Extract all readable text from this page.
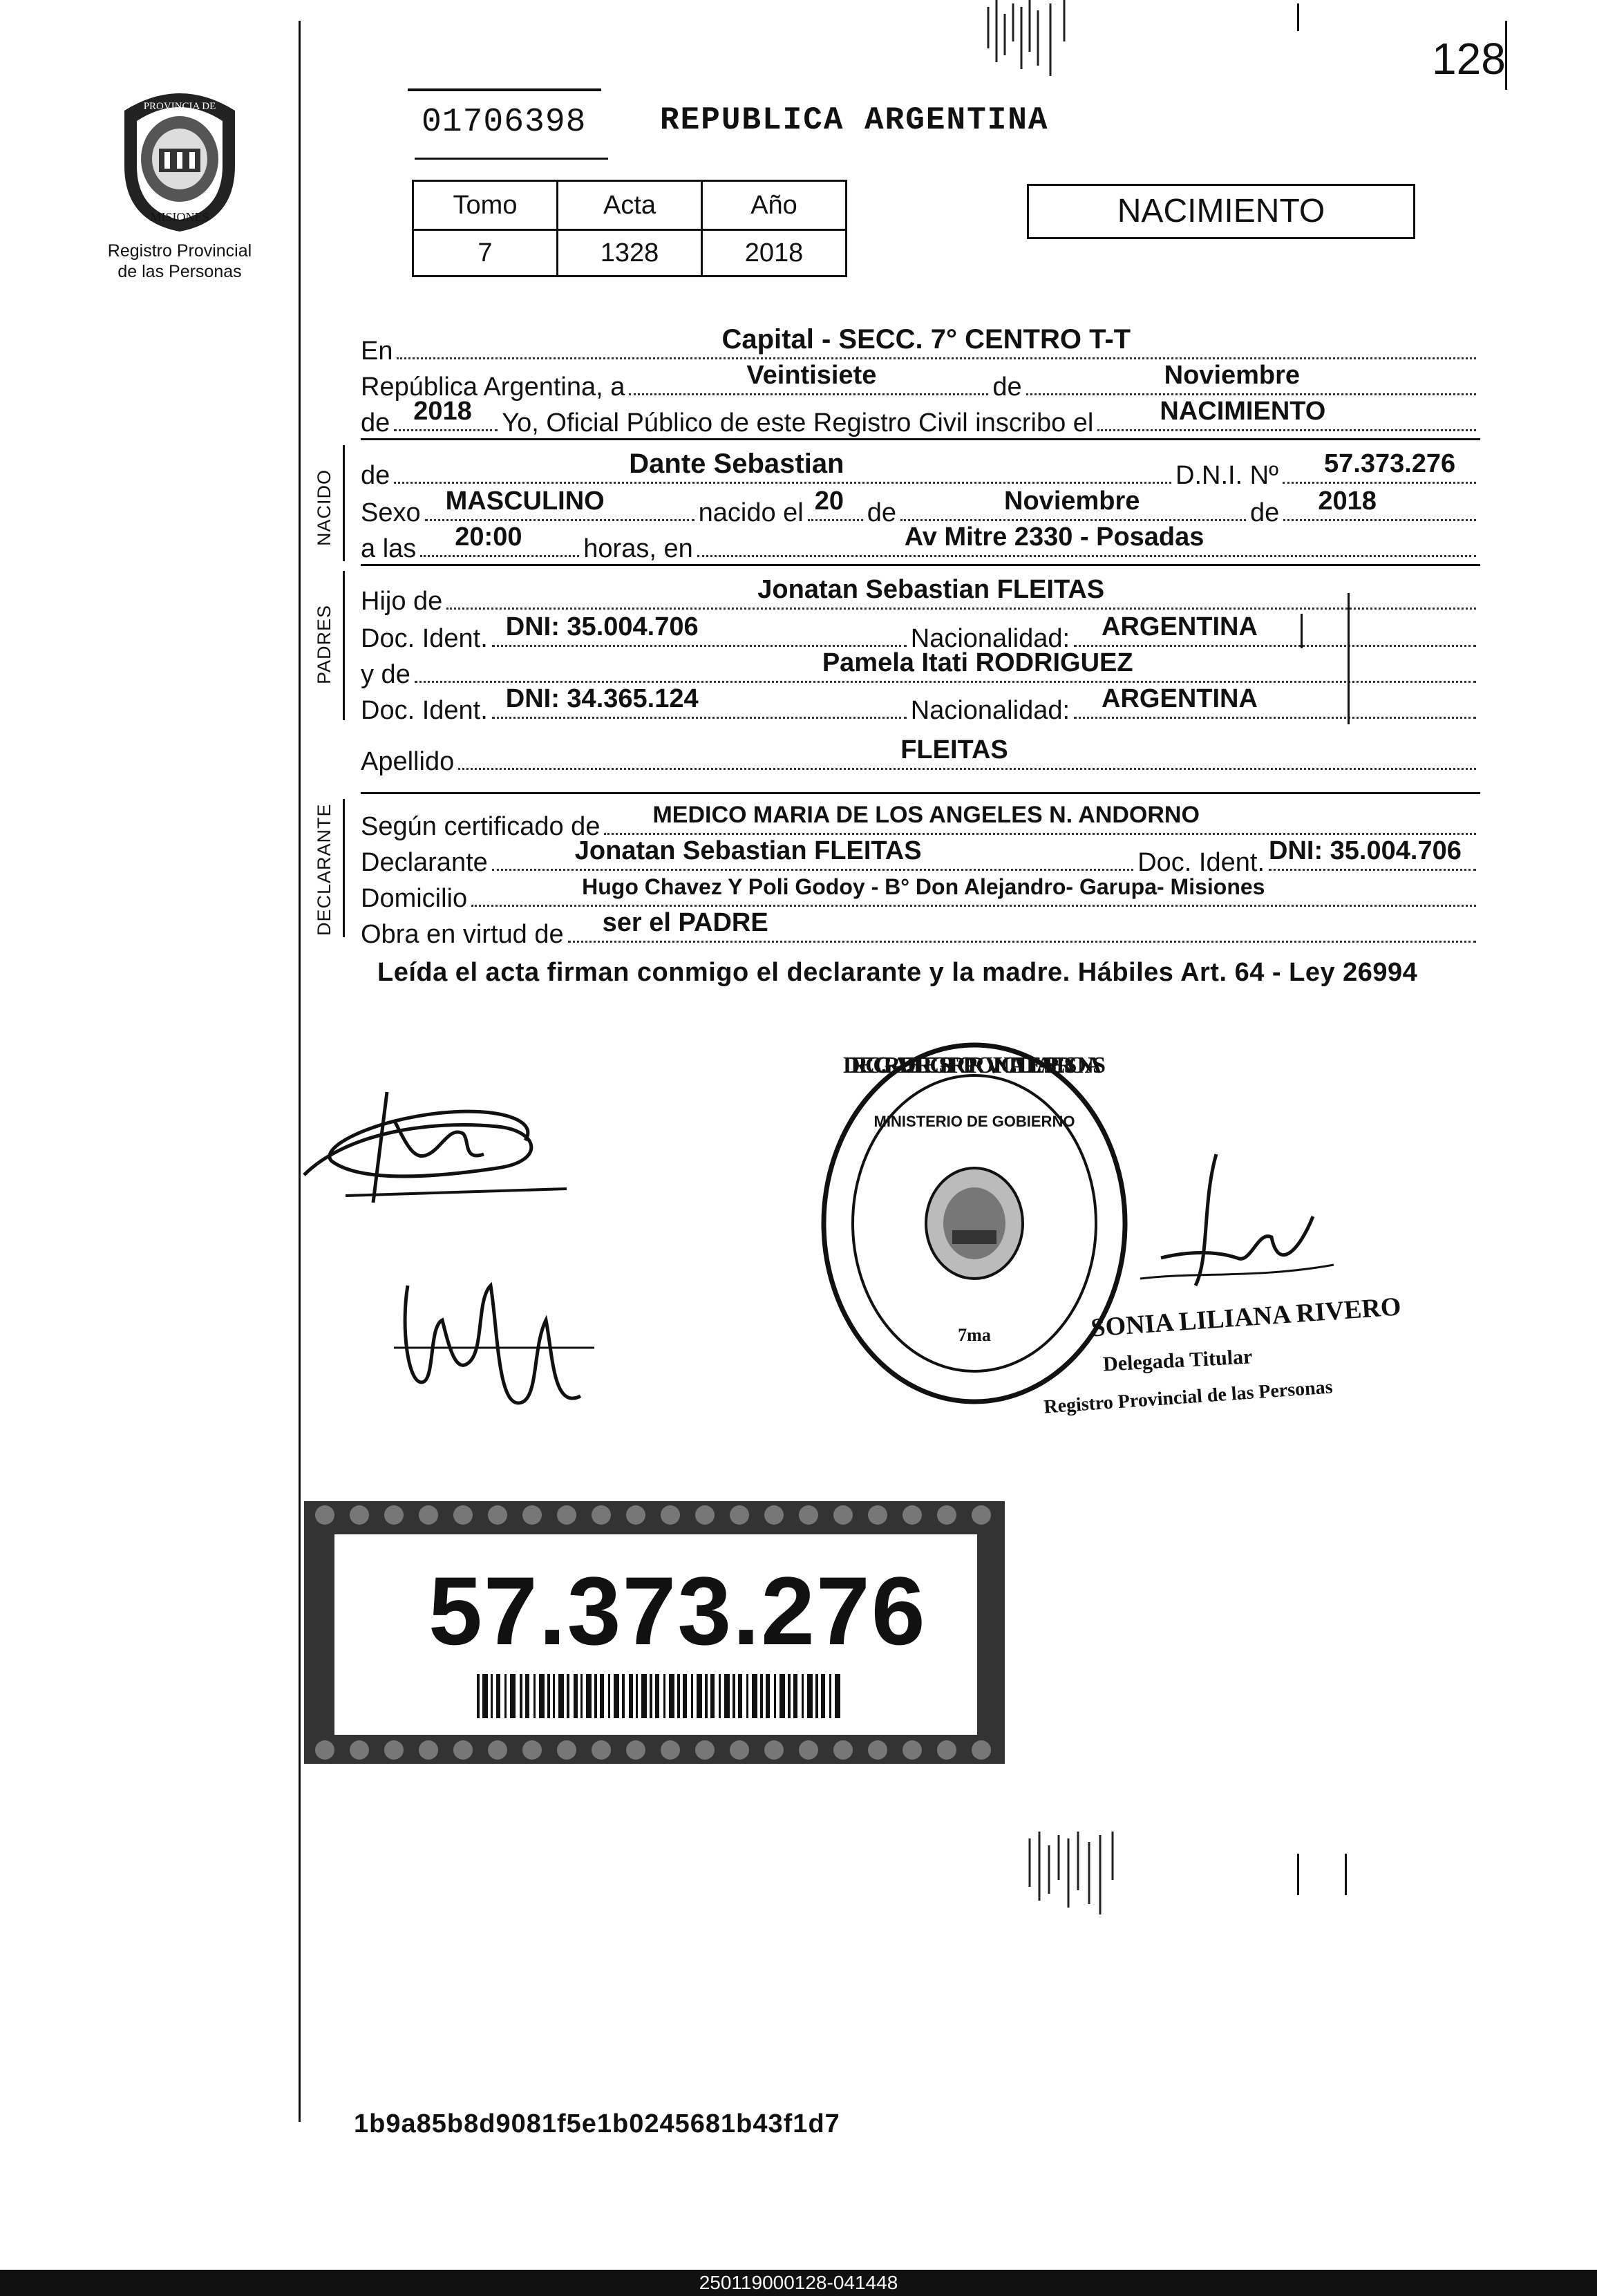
128
PROVINCIA DE
MISIONES
Registro Provincial
de las Personas
01706398 REPUBLICA ARGENTINA
Tomo	Acta	Año
7	1328	2018
NACIMIENTO
En	Capital - SECC. 7° CENTRO T-T
República Argentina, a	Veintisiete	de	Noviembre
de 2018 Yo, Oficial Público de este Registro Civil inscribo el	NACIMIENTO
NACIDO de	Dante Sebastian	D.N.I. Nº 57.373.276
Sexo MASCULINO	nacido el 20 de	Noviembre	de 2018
a las 20:00 horas, en	Av Mitre 2330 - Posadas
PADRES
Hijo de	Jonatan Sebastian FLEITAS
Doc. Ident. DNI: 35.004.706	Nacionalidad: ARGENTINA
y de	Pamela Itati RODRIGUEZ
Doc. Ident. DNI: 34.365.124	Nacionalidad: ARGENTINA
Apellido	FLEITAS
DECLARANTE Según certificado de MEDICO MARIA DE LOS ANGELES N. ANDORNO
Declarante	Jonatan Sebastian FLEITAS	Doc. Ident. DNI: 35.004.706
Domicilio	Hugo Chavez Y Poli Godoy - B° Don Alejandro- Garupa- Misiones
Obra en virtud de ser el PADRE
Leída el acta firman conmigo el declarante y la madre. Hábiles Art. 64 - Ley 26994
DIRECC. GRAL. DEL REGISTRO PROVINCIAL DE LAS PERSONAS
MINISTERIO DE GOBIERNO
7ma	SONIA LILIANA RIVERO
Delegada Titular
Registro Provincial de las Personas
57.373.276
1b9a85b8d9081f5e1b0245681b43f1d7
250119000128-041448
